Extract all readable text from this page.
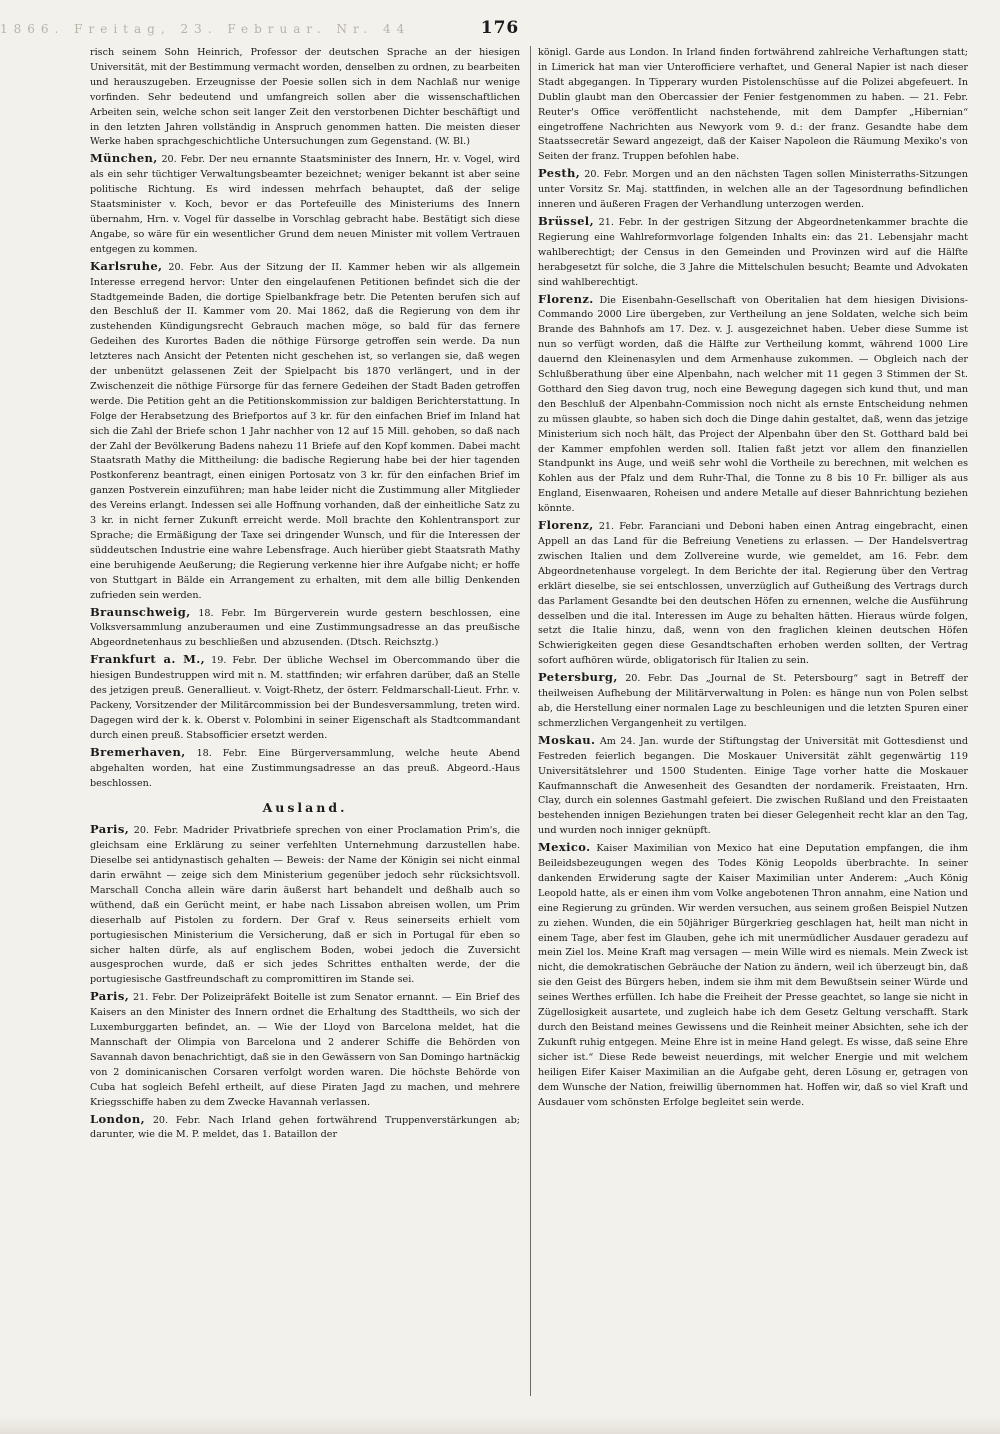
1866. Freitag, 23. Februar. Nr. 44	176

risch seinem Sohn Heinrich, Professor der deutschen Sprache an der hiesigen Universität, mit der Bestimmung vermacht worden, denselben zu ordnen, zu bearbeiten und herauszugeben. Erzeugnisse der Poesie sollen sich in dem Nachlaß nur wenige vorfinden. Sehr bedeutend und umfangreich sollen aber die wissenschaftlichen Arbeiten sein, welche schon seit langer Zeit den verstorbenen Dichter beschäftigt und in den letzten Jahren vollständig in Anspruch genommen hatten. Die meisten dieser Werke haben sprachgeschichtliche Untersuchungen zum Gegenstand. (W. Bl.)

München, 20. Febr. Der neu ernannte Staatsminister des Innern, Hr. v. Vogel, wird als ein sehr tüchtiger Verwaltungsbeamter bezeichnet; weniger bekannt ist aber seine politische Richtung. Es wird indessen mehrfach behauptet, daß der selige Staatsminister v. Koch, bevor er das Portefeuille des Ministeriums des Innern übernahm, Hrn. v. Vogel für dasselbe in Vorschlag gebracht habe. Bestätigt sich diese Angabe, so wäre für ein wesentlicher Grund dem neuen Minister mit vollem Vertrauen entgegen zu kommen.

Karlsruhe, 20. Febr. Aus der Sitzung der II. Kammer heben wir als allgemein Interesse erregend hervor: Unter den eingelaufenen Petitionen befindet sich die der Stadtgemeinde Baden, die dortige Spielbankfrage betr. Die Petenten berufen sich auf den Beschluß der II. Kammer vom 20. Mai 1862, daß die Regierung von dem ihr zustehenden Kündigungsrecht Gebrauch machen möge, so bald für das fernere Gedeihen des Kurortes Baden die nöthige Fürsorge getroffen sein werde. Da nun letzteres nach Ansicht der Petenten nicht geschehen ist, so verlangen sie, daß wegen der unbenützt gelassenen Zeit der Spielpacht bis 1870 verlängert, und in der Zwischenzeit die nöthige Fürsorge für das fernere Gedeihen der Stadt Baden getroffen werde. Die Petition geht an die Petitionskommission zur baldigen Berichterstattung. In Folge der Herabsetzung des Briefportos auf 3 kr. für den einfachen Brief im Inland hat sich die Zahl der Briefe schon 1 Jahr nachher von 12 auf 15 Mill. gehoben, so daß nach der Zahl der Bevölkerung Badens nahezu 11 Briefe auf den Kopf kommen. Dabei macht Staatsrath Mathy die Mittheilung: die badische Regierung habe bei der hier tagenden Postkonferenz beantragt, einen einigen Portosatz von 3 kr. für den einfachen Brief im ganzen Postverein einzuführen; man habe leider nicht die Zustimmung aller Mitglieder des Vereins erlangt. Indessen sei alle Hoffnung vorhanden, daß der einheitliche Satz zu 3 kr. in nicht ferner Zukunft erreicht werde. Moll brachte den Kohlentransport zur Sprache; die Ermäßigung der Taxe sei dringender Wunsch, und für die Interessen der süddeutschen Industrie eine wahre Lebensfrage. Auch hierüber giebt Staatsrath Mathy eine beruhigende Aeußerung; die Regierung verkenne hier ihre Aufgabe nicht; er hoffe von Stuttgart in Bälde ein Arrangement zu erhalten, mit dem alle billig Denkenden zufrieden sein werden.

Braunschweig, 18. Febr. Im Bürgerverein wurde gestern beschlossen, eine Volksversammlung anzuberaumen und eine Zustimmungsadresse an das preußische Abgeordnetenhaus zu beschließen und abzusenden. (Dtsch. Reichsztg.)

Frankfurt a. M., 19. Febr. Der übliche Wechsel im Obercommando über die hiesigen Bundestruppen wird mit n. M. stattfinden; wir erfahren darüber, daß an Stelle des jetzigen preuß. Generallieut. v. Voigt-Rhetz, der österr. Feldmarschall-Lieut. Frhr. v. Packeny, Vorsitzender der Militärcommission bei der Bundesversammlung, treten wird. Dagegen wird der k. k. Oberst v. Polombini in seiner Eigenschaft als Stadtcommandant durch einen preuß. Stabsofficier ersetzt werden.

Bremerhaven, 18. Febr. Eine Bürgerversammlung, welche heute Abend abgehalten worden, hat eine Zustimmungsadresse an das preuß. Abgeord.-Haus beschlossen.

Ausland.

Paris, 20. Febr. Madrider Privatbriefe sprechen von einer Proclamation Prim's, die gleichsam eine Erklärung zu seiner verfehlten Unternehmung darzustellen habe. Dieselbe sei antidynastisch gehalten — Beweis: der Name der Königin sei nicht einmal darin erwähnt — zeige sich dem Ministerium gegenüber jedoch sehr rücksichtsvoll. Marschall Concha allein wäre darin äußerst hart behandelt und deßhalb auch so wüthend, daß ein Gerücht meint, er habe nach Lissabon abreisen wollen, um Prim dieserhalb auf Pistolen zu fordern. Der Graf v. Reus seinerseits erhielt vom portugiesischen Ministerium die Versicherung, daß er sich in Portugal für eben so sicher halten dürfe, als auf englischem Boden, wobei jedoch die Zuversicht ausgesprochen wurde, daß er sich jedes Schrittes enthalten werde, der die portugiesische Gastfreundschaft zu compromittiren im Stande sei.

Paris, 21. Febr. Der Polizeipräfekt Boitelle ist zum Senator ernannt. — Ein Brief des Kaisers an den Minister des Innern ordnet die Erhaltung des Stadttheils, wo sich der Luxemburggarten befindet, an. — Wie der Lloyd von Barcelona meldet, hat die Mannschaft der Olimpia von Barcelona und 2 anderer Schiffe die Behörden von Savannah davon benachrichtigt, daß sie in den Gewässern von San Domingo hartnäckig von 2 dominicanischen Corsaren verfolgt worden waren. Die höchste Behörde von Cuba hat sogleich Befehl ertheilt, auf diese Piraten Jagd zu machen, und mehrere Kriegsschiffe haben zu dem Zwecke Havannah verlassen.

London, 20. Febr. Nach Irland gehen fortwährend Truppenverstärkungen ab; darunter, wie die M. P. meldet, das 1. Bataillon der

königl. Garde aus London. In Irland finden fortwährend zahlreiche Verhaftungen statt; in Limerick hat man vier Unterofficiere verhaftet, und General Napier ist nach dieser Stadt abgegangen. In Tipperary wurden Pistolenschüsse auf die Polizei abgefeuert. In Dublin glaubt man den Obercassier der Fenier festgenommen zu haben. — 21. Febr. Reuter's Office veröffentlicht nachstehende, mit dem Dampfer „Hibernian“ eingetroffene Nachrichten aus Newyork vom 9. d.: der franz. Gesandte habe dem Staatssecretär Seward angezeigt, daß der Kaiser Napoleon die Räumung Mexiko's von Seiten der franz. Truppen befohlen habe.

Pesth, 20. Febr. Morgen und an den nächsten Tagen sollen Ministerraths-Sitzungen unter Vorsitz Sr. Maj. stattfinden, in welchen alle an der Tagesordnung befindlichen inneren und äußeren Fragen der Verhandlung unterzogen werden.

Brüssel, 21. Febr. In der gestrigen Sitzung der Abgeordnetenkammer brachte die Regierung eine Wahlreformvorlage folgenden Inhalts ein: das 21. Lebensjahr macht wahlberechtigt; der Census in den Gemeinden und Provinzen wird auf die Hälfte herabgesetzt für solche, die 3 Jahre die Mittelschulen besucht; Beamte und Advokaten sind wahlberechtigt.

Florenz. Die Eisenbahn-Gesellschaft von Oberitalien hat dem hiesigen Divisions-Commando 2000 Lire übergeben, zur Vertheilung an jene Soldaten, welche sich beim Brande des Bahnhofs am 17. Dez. v. J. ausgezeichnet haben. Ueber diese Summe ist nun so verfügt worden, daß die Hälfte zur Vertheilung kommt, während 1000 Lire dauernd den Kleinenasylen und dem Armenhause zukommen. — Obgleich nach der Schlußberathung über eine Alpenbahn, nach welcher mit 11 gegen 3 Stimmen der St. Gotthard den Sieg davon trug, noch eine Bewegung dagegen sich kund thut, und man den Beschluß der Alpenbahn-Commission noch nicht als ernste Entscheidung nehmen zu müssen glaubte, so haben sich doch die Dinge dahin gestaltet, daß, wenn das jetzige Ministerium sich noch hält, das Project der Alpenbahn über den St. Gotthard bald bei der Kammer empfohlen werden soll. Italien faßt jetzt vor allem den finanziellen Standpunkt ins Auge, und weiß sehr wohl die Vortheile zu berechnen, mit welchen es Kohlen aus der Pfalz und dem Ruhr-Thal, die Tonne zu 8 bis 10 Fr. billiger als aus England, Eisenwaaren, Roheisen und andere Metalle auf dieser Bahnrichtung beziehen könnte.

Florenz, 21. Febr. Faranciani und Deboni haben einen Antrag eingebracht, einen Appell an das Land für die Befreiung Venetiens zu erlassen. — Der Handelsvertrag zwischen Italien und dem Zollvereine wurde, wie gemeldet, am 16. Febr. dem Abgeordnetenhause vorgelegt. In dem Berichte der ital. Regierung über den Vertrag erklärt dieselbe, sie sei entschlossen, unverzüglich auf Gutheißung des Vertrags durch das Parlament Gesandte bei den deutschen Höfen zu ernennen, welche die Ausführung desselben und die ital. Interessen im Auge zu behalten hätten. Hieraus würde folgen, setzt die Italie hinzu, daß, wenn von den fraglichen kleinen deutschen Höfen Schwierigkeiten gegen diese Gesandtschaften erhoben werden sollten, der Vertrag sofort aufhören würde, obligatorisch für Italien zu sein.

Petersburg, 20. Febr. Das „Journal de St. Petersbourg“ sagt in Betreff der theilweisen Aufhebung der Militärverwaltung in Polen: es hänge nun von Polen selbst ab, die Herstellung einer normalen Lage zu beschleunigen und die letzten Spuren einer schmerzlichen Vergangenheit zu vertilgen.

Moskau. Am 24. Jan. wurde der Stiftungstag der Universität mit Gottesdienst und Festreden feierlich begangen. Die Moskauer Universität zählt gegenwärtig 119 Universitätslehrer und 1500 Studenten. Einige Tage vorher hatte die Moskauer Kaufmannschaft die Anwesenheit des Gesandten der nordamerik. Freistaaten, Hrn. Clay, durch ein solennes Gastmahl gefeiert. Die zwischen Rußland und den Freistaaten bestehenden innigen Beziehungen traten bei dieser Gelegenheit recht klar an den Tag, und wurden noch inniger geknüpft.

Mexico. Kaiser Maximilian von Mexico hat eine Deputation empfangen, die ihm Beileidsbezeugungen wegen des Todes König Leopolds überbrachte. In seiner dankenden Erwiderung sagte der Kaiser Maximilian unter Anderem: „Auch König Leopold hatte, als er einen ihm vom Volke angebotenen Thron annahm, eine Nation und eine Regierung zu gründen. Wir werden versuchen, aus seinem großen Beispiel Nutzen zu ziehen. Wunden, die ein 50jähriger Bürgerkrieg geschlagen hat, heilt man nicht in einem Tage, aber fest im Glauben, gehe ich mit unermüdlicher Ausdauer geradezu auf mein Ziel los. Meine Kraft mag versagen — mein Wille wird es niemals. Mein Zweck ist nicht, die demokratischen Gebräuche der Nation zu ändern, weil ich überzeugt bin, daß sie den Geist des Bürgers heben, indem sie ihm mit dem Bewußtsein seiner Würde und seines Werthes erfüllen. Ich habe die Freiheit der Presse geachtet, so lange sie nicht in Zügellosigkeit ausartete, und zugleich habe ich dem Gesetz Geltung verschafft. Stark durch den Beistand meines Gewissens und die Reinheit meiner Absichten, sehe ich der Zukunft ruhig entgegen. Meine Ehre ist in meine Hand gelegt. Es wisse, daß seine Ehre sicher ist.“ Diese Rede beweist neuerdings, mit welcher Energie und mit welchem heiligen Eifer Kaiser Maximilian an die Aufgabe geht, deren Lösung er, getragen von dem Wunsche der Nation, freiwillig übernommen hat. Hoffen wir, daß so viel Kraft und Ausdauer vom schönsten Erfolge begleitet sein werde.
